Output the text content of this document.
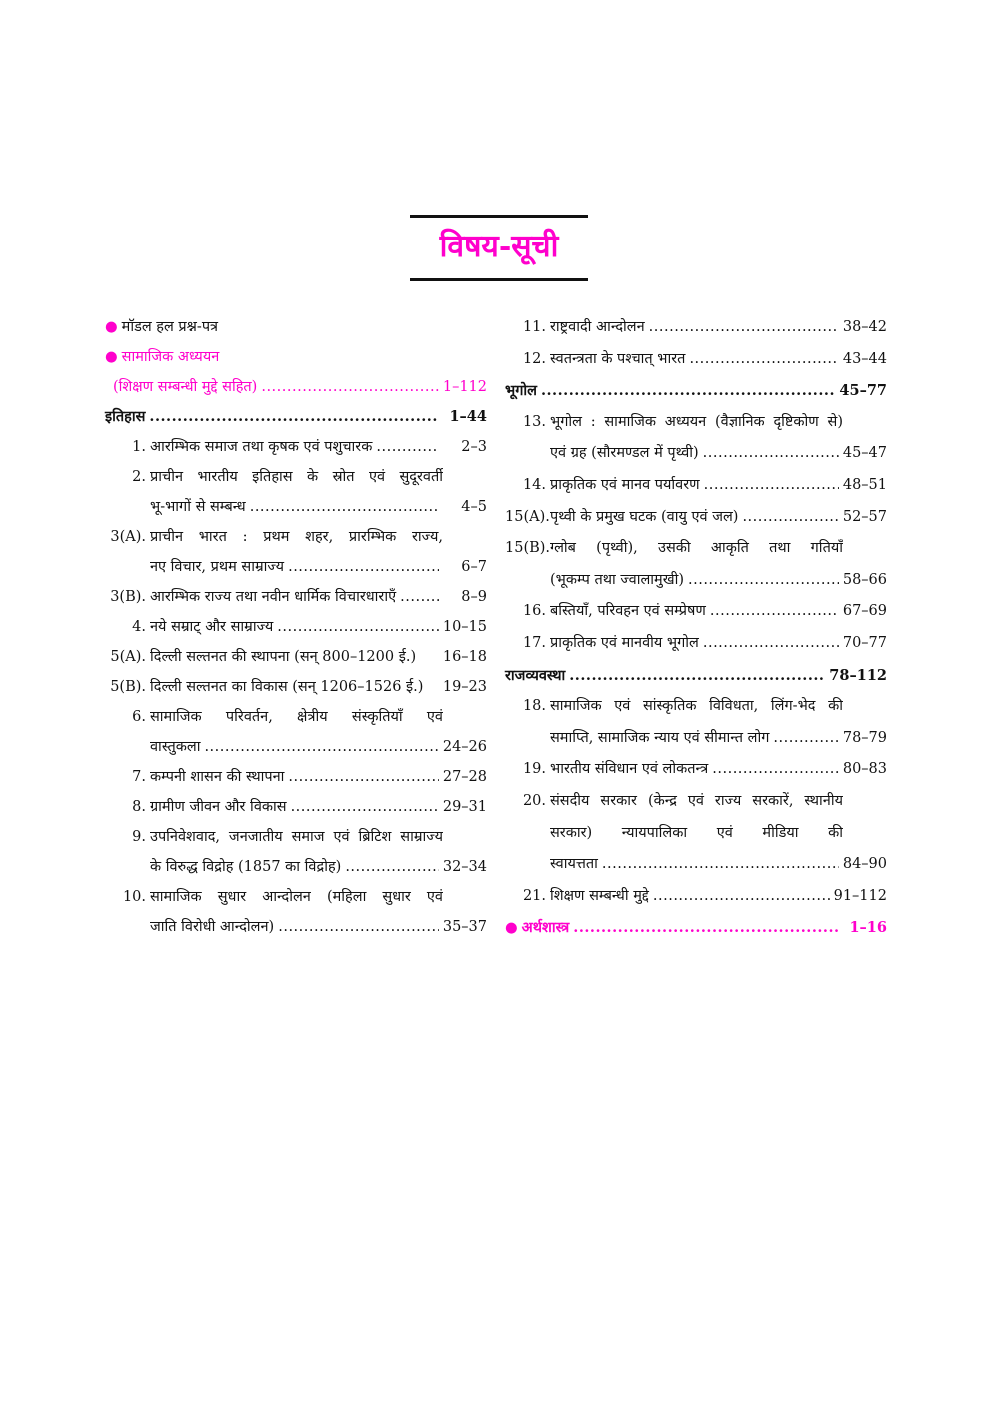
विषय-सूची
● मॉडल हल प्रश्न-पत्र
● सामाजिक अध्ययन
(शिक्षण सम्बन्धी मुद्दे सहित) .....	1–112
इतिहास .....	1–44
1. आरम्भिक समाज तथा कृषक एवं पशुचारक .....	2–3
2. प्राचीन भारतीय इतिहास के स्रोत एवं सुदूरवर्ती
भू-भागों से सम्बन्ध .....	4–5
3(A). प्राचीन भारत : प्रथम शहर, प्रारम्भिक राज्य,
नए विचार, प्रथम साम्राज्य .....	6–7
3(B). आरम्भिक राज्य तथा नवीन धार्मिक विचारधाराएँ .....	8–9
4. नये सम्राट् और साम्राज्य .....	10–15
5(A). दिल्ली सल्तनत की स्थापना (सन् 800–1200 ई.) 16–18
5(B). दिल्ली सल्तनत का विकास (सन् 1206–1526 ई.) 19–23
6. सामाजिक परिवर्तन, क्षेत्रीय संस्कृतियाँ एवं
वास्तुकला .....	24–26
7. कम्पनी शासन की स्थापना .....	27–28
8. ग्रामीण जीवन और विकास .....	29–31
9. उपनिवेशवाद, जनजातीय समाज एवं ब्रिटिश साम्राज्य
के विरुद्ध विद्रोह (1857 का विद्रोह) .....	32–34
10. सामाजिक सुधार आन्दोलन (महिला सुधार एवं
जाति विरोधी आन्दोलन) .....	35–37
11. राष्ट्रवादी आन्दोलन .....	38–42
12. स्वतन्त्रता के पश्चात् भारत .....	43–44
भूगोल .....	45–77
13. भूगोल : सामाजिक अध्ययन (वैज्ञानिक दृष्टिकोण से)
एवं ग्रह (सौरमण्डल में पृथ्वी) .....	45–47
14. प्राकृतिक एवं मानव पर्यावरण .....	48–51
15(A). पृथ्वी के प्रमुख घटक (वायु एवं जल) .....	52–57
15(B). ग्लोब (पृथ्वी), उसकी आकृति तथा गतियाँ
(भूकम्प तथा ज्वालामुखी) .....	58–66
16. बस्तियाँ, परिवहन एवं सम्प्रेषण .....	67–69
17. प्राकृतिक एवं मानवीय भूगोल .....	70–77
राजव्यवस्था .....	78–112
18. सामाजिक एवं सांस्कृतिक विविधता, लिंग-भेद की
समाप्ति, सामाजिक न्याय एवं सीमान्त लोग .....	78–79
19. भारतीय संविधान एवं लोकतन्त्र .....	80–83
20. संसदीय सरकार (केन्द्र एवं राज्य सरकारें, स्थानीय
सरकार) न्यायपालिका एवं मीडिया की
स्वायत्तता .....	84–90
21. शिक्षण सम्बन्धी मुद्दे .....	91–112
● अर्थशास्त्र .....	1–16
